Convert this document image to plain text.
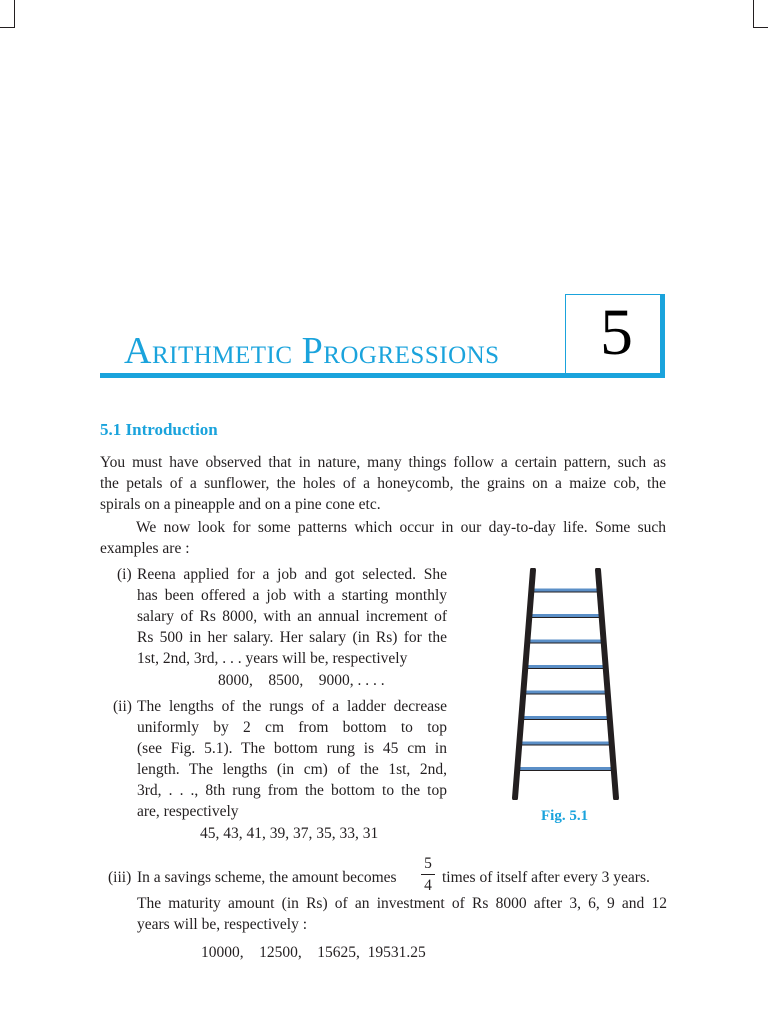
ARITHMETIC PROGRESSIONS 5
5.1 Introduction
You must have observed that in nature, many things follow a certain pattern, such as
the petals of a sunflower, the holes of a honeycomb, the grains on a maize cob, the
spirals on a pineapple and on a pine cone etc.
We now look for some patterns which occur in our day-to-day life. Some such
examples are :
(i) Reena applied for a job and got selected. She
has been offered a job with a starting monthly
salary of Rs 8000, with an annual increment of
Rs 500 in her salary. Her salary (in Rs) for the
1st, 2nd, 3rd, . . . years will be, respectively
8000,    8500,    9000, . . . .
(ii) The lengths of the rungs of a ladder decrease
uniformly by 2 cm from bottom to top
(see Fig. 5.1). The bottom rung is 45 cm in
length. The lengths (in cm) of the 1st, 2nd,
3rd, . . ., 8th rung from the bottom to the top
are, respectively
45, 43, 41, 39, 37, 35, 33, 31
Fig. 5.1
(iii) In a savings scheme, the amount becomes
5
4 times of itself after every 3 years.
The maturity amount (in Rs) of an investment of Rs 8000 after 3, 6, 9 and 12
years will be, respectively :
10000,    12500,    15625,  19531.25
